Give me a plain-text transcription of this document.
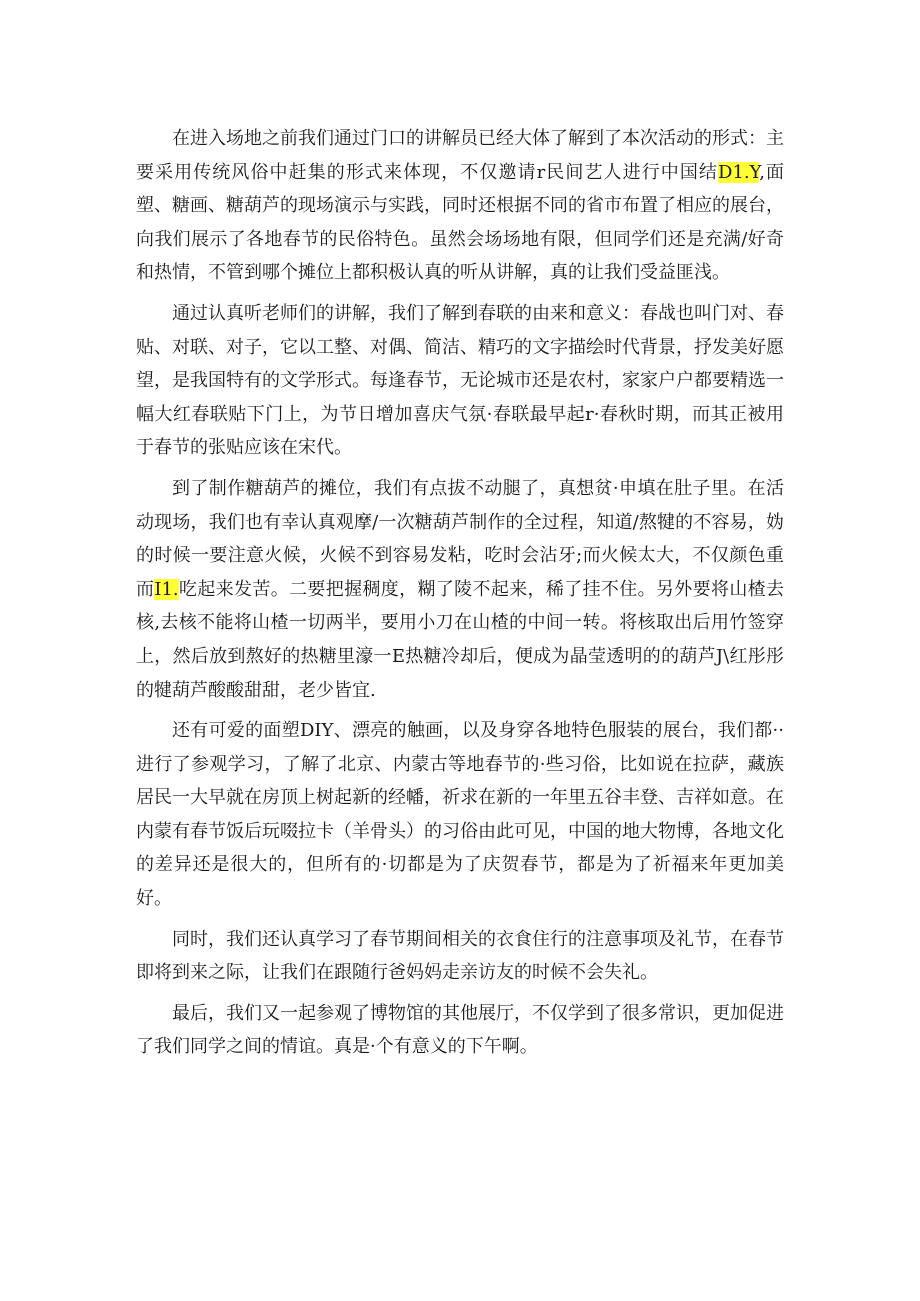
在进入场地之前我们通过门口的讲解员已经大体了解到了本次活动的形式：主要采用传统风俗中赶集的形式来体现，不仅邀请r民间艺人进行中国结D1.Y,面塑、糖画、糖葫芦的现场演示与实践，同时还根据不同的省市布置了相应的展台，向我们展示了各地春节的民俗特色。虽然会场场地有限，但同学们还是充满/好奇和热情，不管到哪个摊位上都积极认真的听从讲解，真的让我们受益匪浅。

通过认真听老师们的讲解，我们了解到春联的由来和意义：春战也叫门对、春贴、对联、对子，它以工整、对偶、简洁、精巧的文字描绘时代背景，抒发美好愿望，是我国特有的文学形式。每逢春节，无论城市还是农村，家家户户都要精选一幅大红春联贴下门上，为节日增加喜庆气氛·春联最早起r·春秋时期，而其正被用于春节的张贴应该在宋代。

到了制作糖葫芦的摊位，我们有点拔不动腿了，真想贫·申填在肚子里。在活动现场，我们也有幸认真观摩/一次糖葫芦制作的全过程，知道/熬犍的不容易，妫的时候一要注意火候，火候不到容易发粘，吃时会沾牙;而火候太大，不仅颜色重而I1.吃起来发苦。二要把握稠度，糊了陵不起来，稀了挂不住。另外要将山楂去核,去核不能将山楂一切两半，要用小刀在山楂的中间一转。将核取出后用竹签穿上，然后放到熬好的热糖里濠一E热糖冷却后，便成为晶莹透明的的葫芦J\红彤彤的犍葫芦酸酸甜甜，老少皆宜.

还有可爱的面塑DIY、漂亮的触画，以及身穿各地特色服装的展台，我们都··进行了参观学习，了解了北京、内蒙古等地春节的·些习俗，比如说在拉萨，藏族居民一大早就在房顶上树起新的经幡，祈求在新的一年里五谷丰登、吉祥如意。在内蒙有春节饭后玩啜拉卡（羊骨头）的习俗由此可见，中国的地大物博，各地文化的差异还是很大的，但所有的·切都是为了庆贺春节，都是为了祈福来年更加美好。

同时，我们还认真学习了春节期间相关的衣食住行的注意事项及礼节，在春节即将到来之际，让我们在跟随行爸妈妈走亲访友的时候不会失礼。

最后，我们又一起参观了博物馆的其他展厅，不仅学到了很多常识，更加促进了我们同学之间的情谊。真是·个有意义的下午啊。
